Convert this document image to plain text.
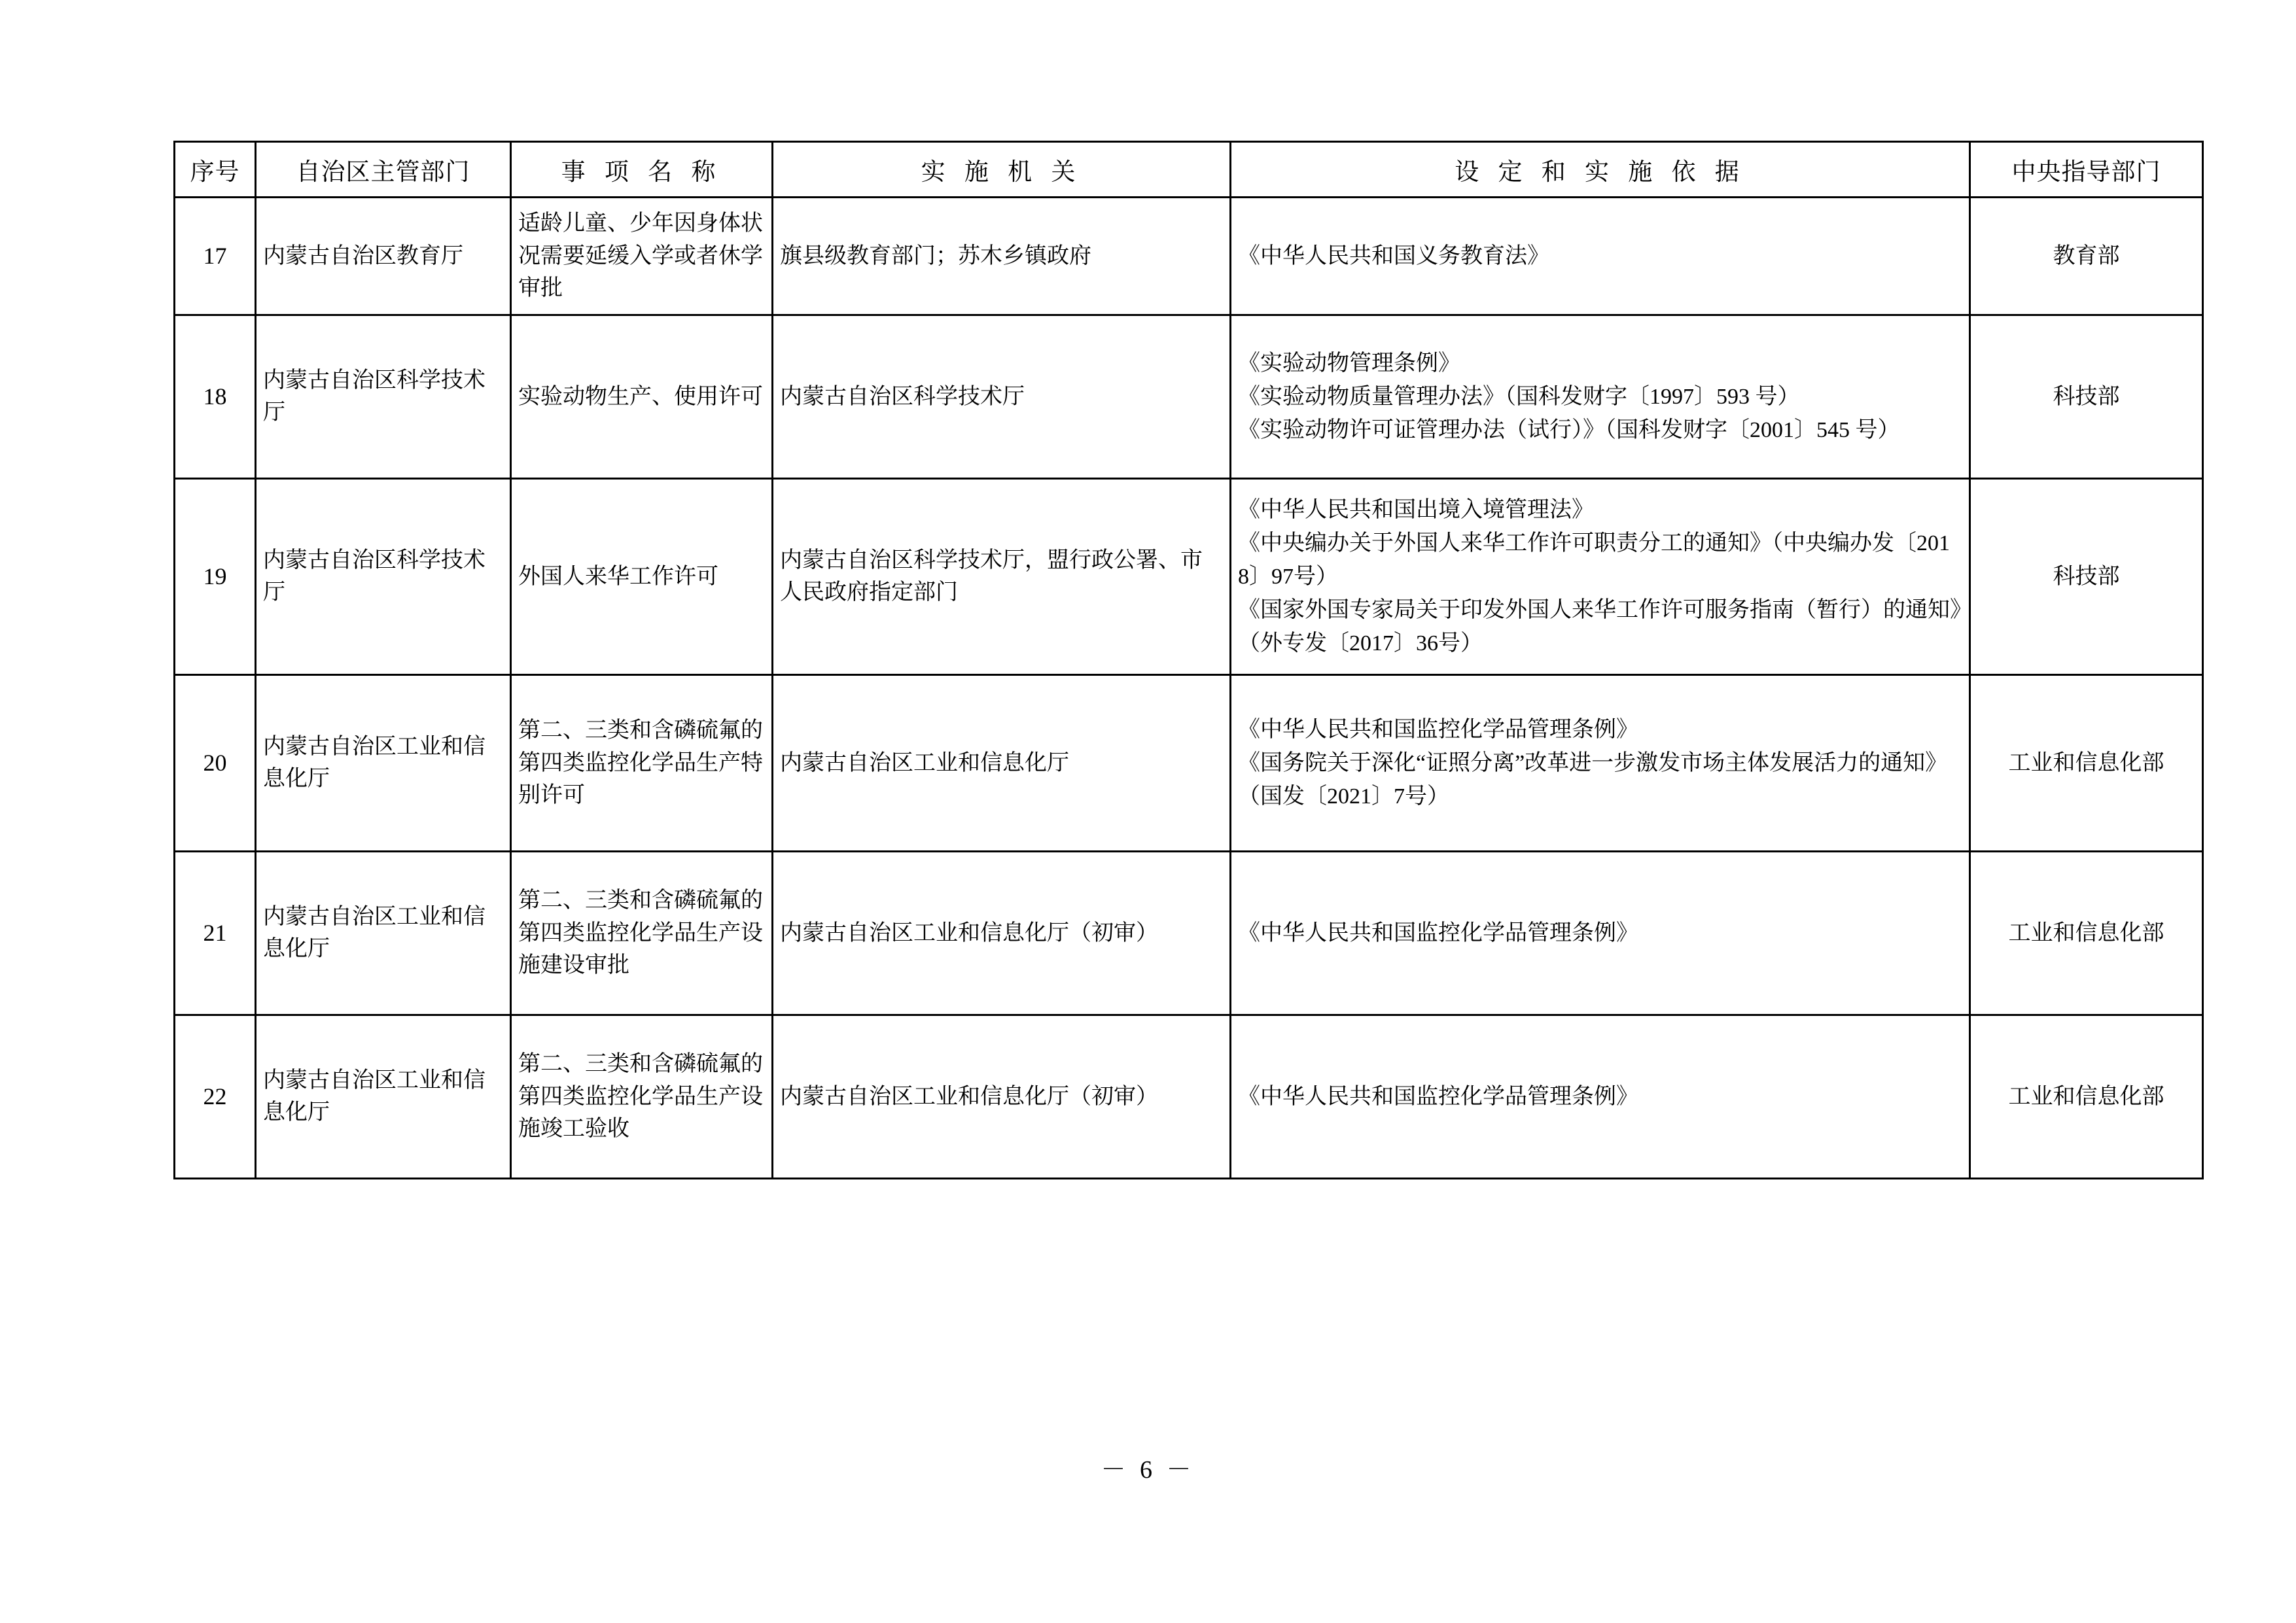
序号	自治区主管部门	事 项 名 称	实 施 机 关	设 定 和 实 施 依 据	中央指导部门
17	内蒙古自治区教育厅	适龄儿童、少年因身体状况需要延缓入学或者休学审批	旗县级教育部门；苏木乡镇政府	《中华人民共和国义务教育法》	教育部
18	内蒙古自治区科学技术厅	实验动物生产、使用许可	内蒙古自治区科学技术厅	《实验动物管理条例》
《实验动物质量管理办法》（国科发财字〔1997〕593 号）
《实验动物许可证管理办法（试行）》（国科发财字〔2001〕545 号）	科技部
19	内蒙古自治区科学技术厅	外国人来华工作许可	内蒙古自治区科学技术厅，盟行政公署、市人民政府指定部门	《中华人民共和国出境入境管理法》
《中央编办关于外国人来华工作许可职责分工的通知》（中央编办发〔2018〕97号）
《国家外国专家局关于印发外国人来华工作许可服务指南（暂行）的通知》（外专发〔2017〕36号）	科技部
20	内蒙古自治区工业和信息化厅	第二、三类和含磷硫氟的第四类监控化学品生产特别许可	内蒙古自治区工业和信息化厅	《中华人民共和国监控化学品管理条例》
《国务院关于深化“证照分离”改革进一步激发市场主体发展活力的通知》（国发〔2021〕7号）	工业和信息化部
21	内蒙古自治区工业和信息化厅	第二、三类和含磷硫氟的第四类监控化学品生产设施建设审批	内蒙古自治区工业和信息化厅（初审）	《中华人民共和国监控化学品管理条例》	工业和信息化部
22	内蒙古自治区工业和信息化厅	第二、三类和含磷硫氟的第四类监控化学品生产设施竣工验收	内蒙古自治区工业和信息化厅（初审）	《中华人民共和国监控化学品管理条例》	工业和信息化部
－ 6 －
